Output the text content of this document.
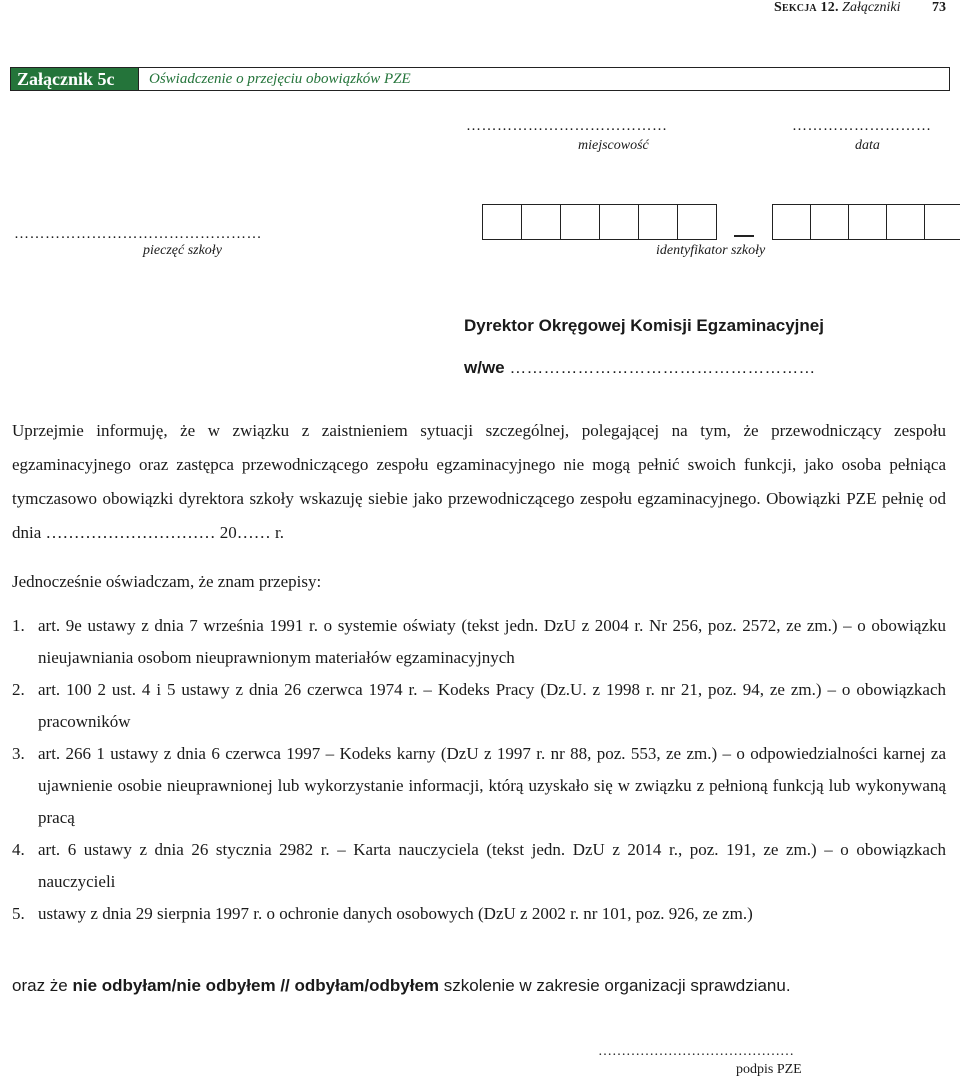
Sekcja 12. Załączniki 73
Załącznik 5c	Oświadczenie o przejęciu obowiązków PZE
…………………………………
miejscowość
………………………
data
…………………………………………
pieczęć szkoły	identyfikator szkoły
Dyrektor Okręgowej Komisji Egzaminacyjnej
w/we ………………………………………………
Uprzejmie informuję, że w związku z zaistnieniem sytuacji szczególnej, polegającej na tym, że przewodniczący zespołu egzaminacyjnego oraz zastępca przewodniczącego zespołu egzaminacyjnego nie mogą pełnić swoich funkcji, jako osoba pełniąca tymczasowo obowiązki dyrektora szkoły wskazuję siebie jako przewodniczącego zespołu egzaminacyjnego. Obowiązki PZE pełnię od dnia ………………………… 20…… r.
Jednocześnie oświadczam, że znam przepisy:
1. art. 9e ustawy z dnia 7 września 1991 r. o systemie oświaty (tekst jedn. DzU z 2004 r. Nr 256, poz. 2572, ze zm.) – o obowiązku nieujawniania osobom nieuprawnionym materiałów egzaminacyjnych
2. art. 100 2 ust. 4 i 5 ustawy z dnia 26 czerwca 1974 r. – Kodeks Pracy (Dz.U. z 1998 r. nr 21, poz. 94, ze zm.) – o obowiązkach pracowników
3. art. 266 1 ustawy z dnia 6 czerwca 1997 – Kodeks karny (DzU z 1997 r. nr 88, poz. 553, ze zm.) – o odpowiedzialności karnej za ujawnienie osobie nieuprawnionej lub wykorzystanie informacji, którą uzyskało się w związku z pełnioną funkcją lub wykonywaną pracą
4. art. 6 ustawy z dnia 26 stycznia 2982 r. – Karta nauczyciela (tekst jedn. DzU z 2014 r., poz. 191, ze zm.) – o obowiązkach nauczycieli
5. ustawy z dnia 29 sierpnia 1997 r. o ochronie danych osobowych (DzU z 2002 r. nr 101, poz. 926, ze zm.)
oraz że nie odbyłam/nie odbyłem // odbyłam/odbyłem szkolenie w zakresie organizacji sprawdzianu.
……………………………………
podpis PZE
